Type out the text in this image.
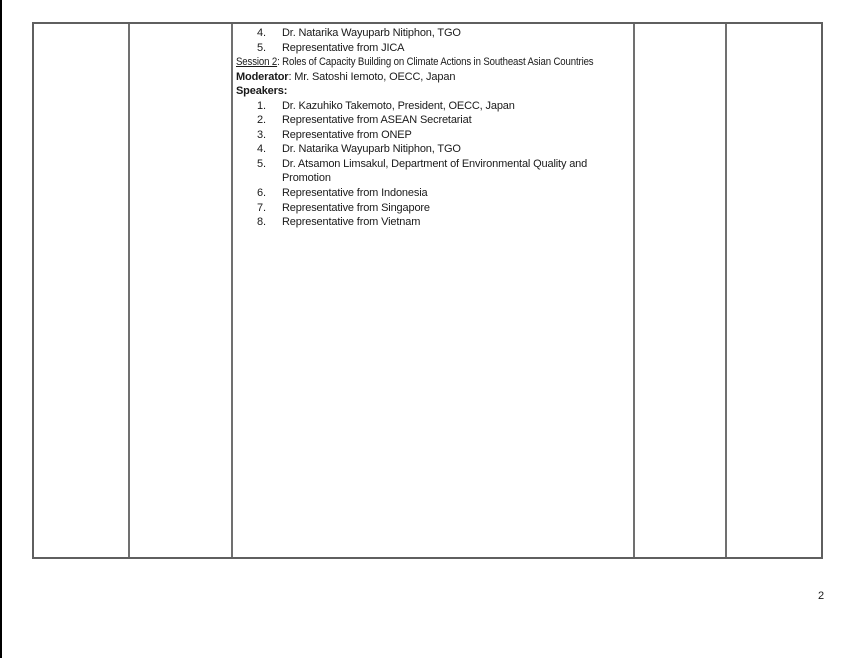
4.	Dr. Natarika Wayuparb Nitiphon, TGO
5.	Representative from JICA
Session 2: Roles of Capacity Building on Climate Actions in Southeast Asian Countries
Moderator: Mr. Satoshi Iemoto, OECC, Japan
Speakers:
1.	Dr. Kazuhiko Takemoto, President, OECC, Japan
2.	Representative from ASEAN Secretariat
3.	Representative from ONEP
4.	Dr. Natarika Wayuparb Nitiphon, TGO
5.	Dr. Atsamon Limsakul, Department of Environmental Quality and
Promotion
6.	Representative from Indonesia
7.	Representative from Singapore
8.	Representative from Vietnam
2
